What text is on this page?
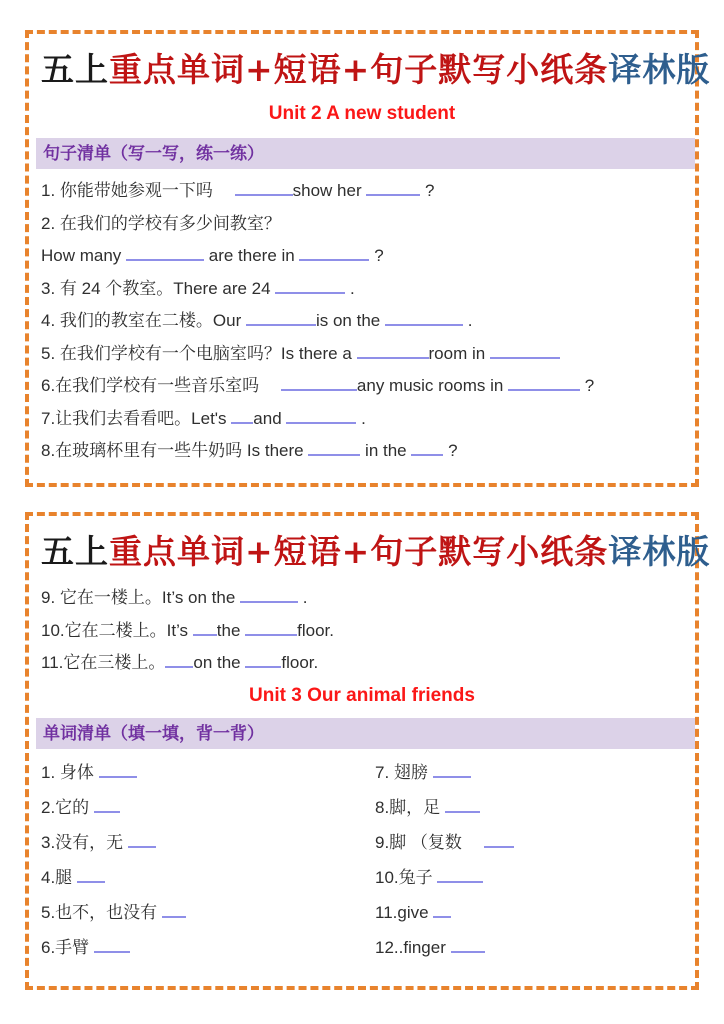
五上重点单词+短语+句子默写小纸条译林版
Unit 2 A new student
句子清单（写一写，练一练）

1. 你能带她参观一下吗　	show her	?

2. 在我们的学校有多少间教室？

How many	are there in	?

3. 有 24 个教室。There are 24	.

4. 我们的教室在二楼。Our	is on the	.

5. 在我们学校有一个电脑室吗？Is there a	room in

6.在我们学校有一些音乐室吗　	any music rooms in	?

7.让我们去看看吧。Let's and	.

8.在玻璃杯里有一些牛奶吗 Is there	in the  ?

五上重点单词+短语+句子默写小纸条译林版

9. 它在一楼上。It’s on the	.

10.它在二楼上。It’s the	floor.

11.它在三楼上。 on the floor.

Unit 3 Our animal friends
单词清单（填一填，背一背）

1. 身体

2.它的

3.没有，无

4.腿

5.也不，也没有

6.手臂

7. 翅膀

8.脚，足

9.脚 （复数　

10.兔子

11.give

12..finger
